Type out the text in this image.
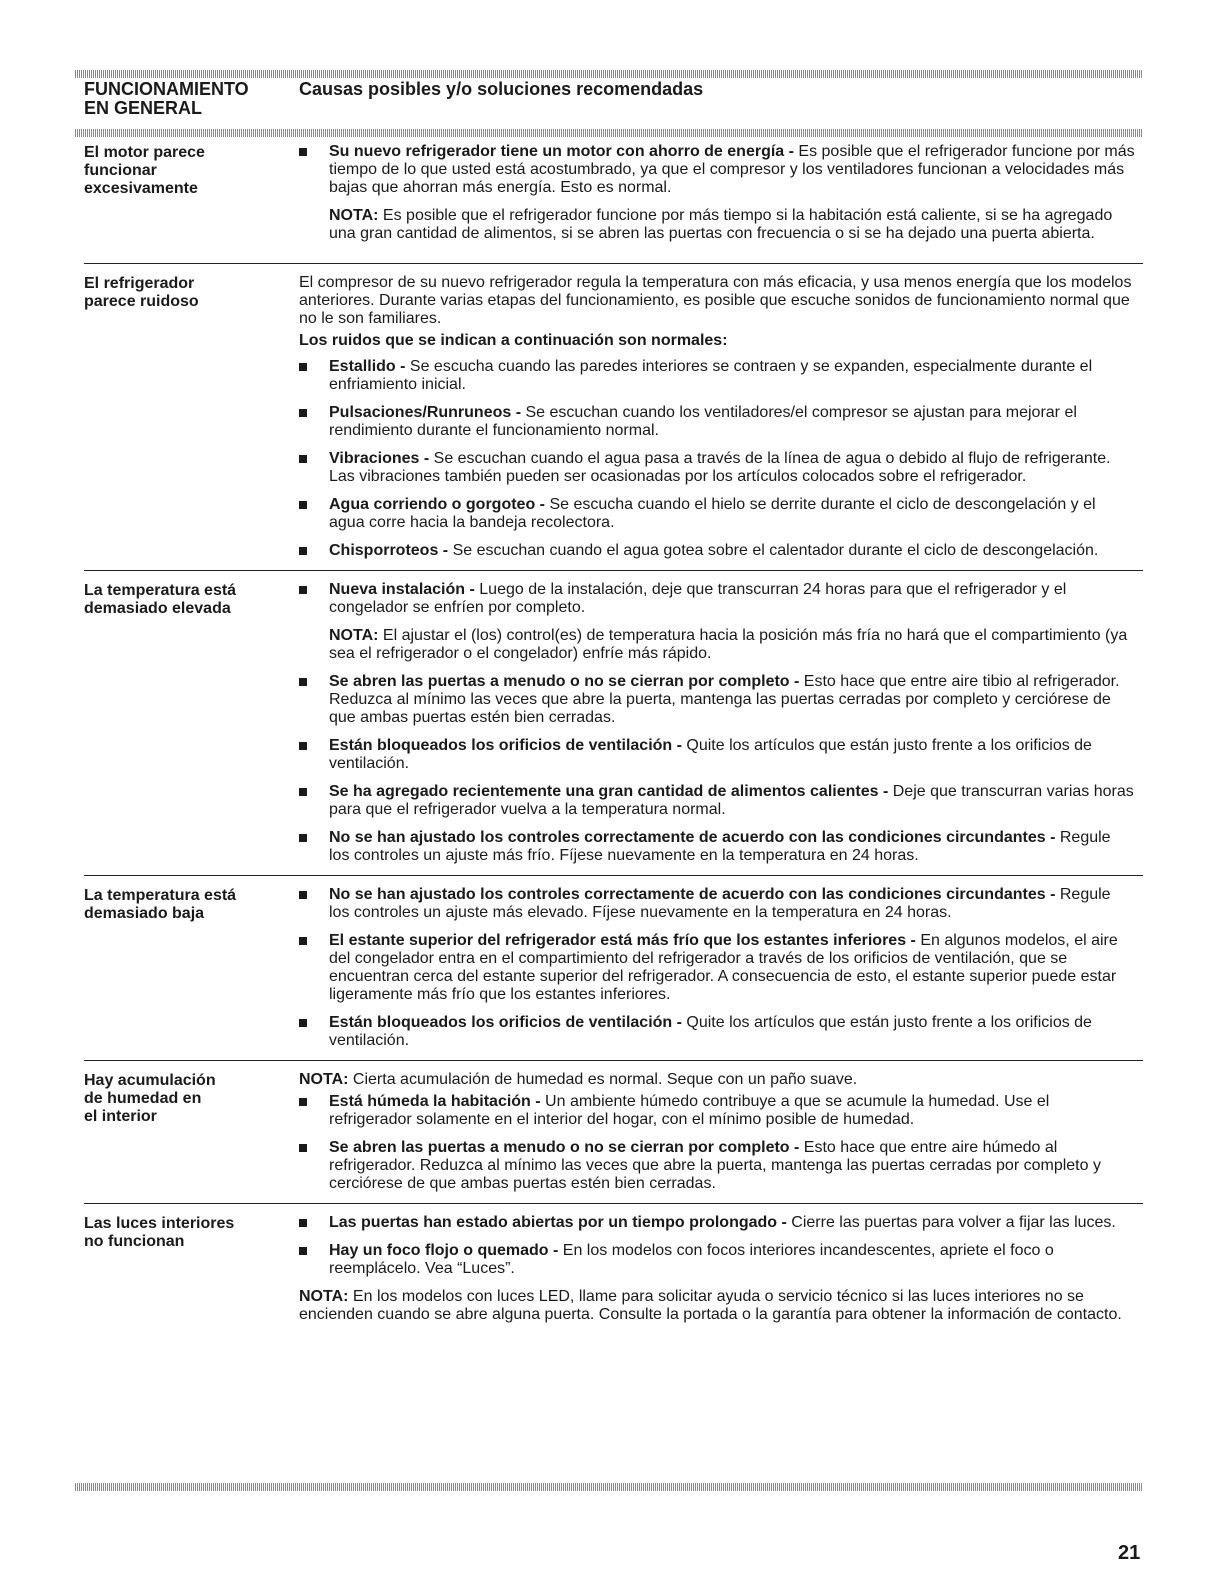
FUNCIONAMIENTO
EN GENERAL
Causas posibles y/o soluciones recomendadas
El motor parece
funcionar
excesivamente
Su nuevo refrigerador tiene un motor con ahorro de energía - Es posible que el refrigerador funcione por más tiempo de lo que usted está acostumbrado, ya que el compresor y los ventiladores funcionan a velocidades más bajas que ahorran más energía. Esto es normal.
NOTA: Es posible que el refrigerador funcione por más tiempo si la habitación está caliente, si se ha agregado una gran cantidad de alimentos, si se abren las puertas con frecuencia o si se ha dejado una puerta abierta.
El refrigerador
parece ruidoso
El compresor de su nuevo refrigerador regula la temperatura con más eficacia, y usa menos energía que los modelos anteriores. Durante varias etapas del funcionamiento, es posible que escuche sonidos de funcionamiento normal que no le son familiares.
Los ruidos que se indican a continuación son normales:
Estallido - Se escucha cuando las paredes interiores se contraen y se expanden, especialmente durante el enfriamiento inicial.
Pulsaciones/Runruneos - Se escuchan cuando los ventiladores/el compresor se ajustan para mejorar el rendimiento durante el funcionamiento normal.
Vibraciones - Se escuchan cuando el agua pasa a través de la línea de agua o debido al flujo de refrigerante. Las vibraciones también pueden ser ocasionadas por los artículos colocados sobre el refrigerador.
Agua corriendo o gorgoteo - Se escucha cuando el hielo se derrite durante el ciclo de descongelación y el agua corre hacia la bandeja recolectora.
Chisporroteos - Se escuchan cuando el agua gotea sobre el calentador durante el ciclo de descongelación.
La temperatura está
demasiado elevada
Nueva instalación - Luego de la instalación, deje que transcurran 24 horas para que el refrigerador y el congelador se enfríen por completo.
NOTA: El ajustar el (los) control(es) de temperatura hacia la posición más fría no hará que el compartimiento (ya sea el refrigerador o el congelador) enfríe más rápido.
Se abren las puertas a menudo o no se cierran por completo - Esto hace que entre aire tibio al refrigerador. Reduzca al mínimo las veces que abre la puerta, mantenga las puertas cerradas por completo y cerciórese de que ambas puertas estén bien cerradas.
Están bloqueados los orificios de ventilación - Quite los artículos que están justo frente a los orificios de ventilación.
Se ha agregado recientemente una gran cantidad de alimentos calientes - Deje que transcurran varias horas para que el refrigerador vuelva a la temperatura normal.
No se han ajustado los controles correctamente de acuerdo con las condiciones circundantes - Regule los controles un ajuste más frío. Fíjese nuevamente en la temperatura en 24 horas.
La temperatura está
demasiado baja
No se han ajustado los controles correctamente de acuerdo con las condiciones circundantes - Regule los controles un ajuste más elevado. Fíjese nuevamente en la temperatura en 24 horas.
El estante superior del refrigerador está más frío que los estantes inferiores - En algunos modelos, el aire del congelador entra en el compartimiento del refrigerador a través de los orificios de ventilación, que se encuentran cerca del estante superior del refrigerador. A consecuencia de esto, el estante superior puede estar ligeramente más frío que los estantes inferiores.
Están bloqueados los orificios de ventilación - Quite los artículos que están justo frente a los orificios de ventilación.
Hay acumulación
de humedad en
el interior
NOTA: Cierta acumulación de humedad es normal. Seque con un paño suave.
Está húmeda la habitación - Un ambiente húmedo contribuye a que se acumule la humedad. Use el refrigerador solamente en el interior del hogar, con el mínimo posible de humedad.
Se abren las puertas a menudo o no se cierran por completo - Esto hace que entre aire húmedo al refrigerador. Reduzca al mínimo las veces que abre la puerta, mantenga las puertas cerradas por completo y cerciórese de que ambas puertas estén bien cerradas.
Las luces interiores
no funcionan
Las puertas han estado abiertas por un tiempo prolongado - Cierre las puertas para volver a fijar las luces.
Hay un foco flojo o quemado - En los modelos con focos interiores incandescentes, apriete el foco o reemplácelo. Vea “Luces”.
NOTA: En los modelos con luces LED, llame para solicitar ayuda o servicio técnico si las luces interiores no se encienden cuando se abre alguna puerta. Consulte la portada o la garantía para obtener la información de contacto.
21
